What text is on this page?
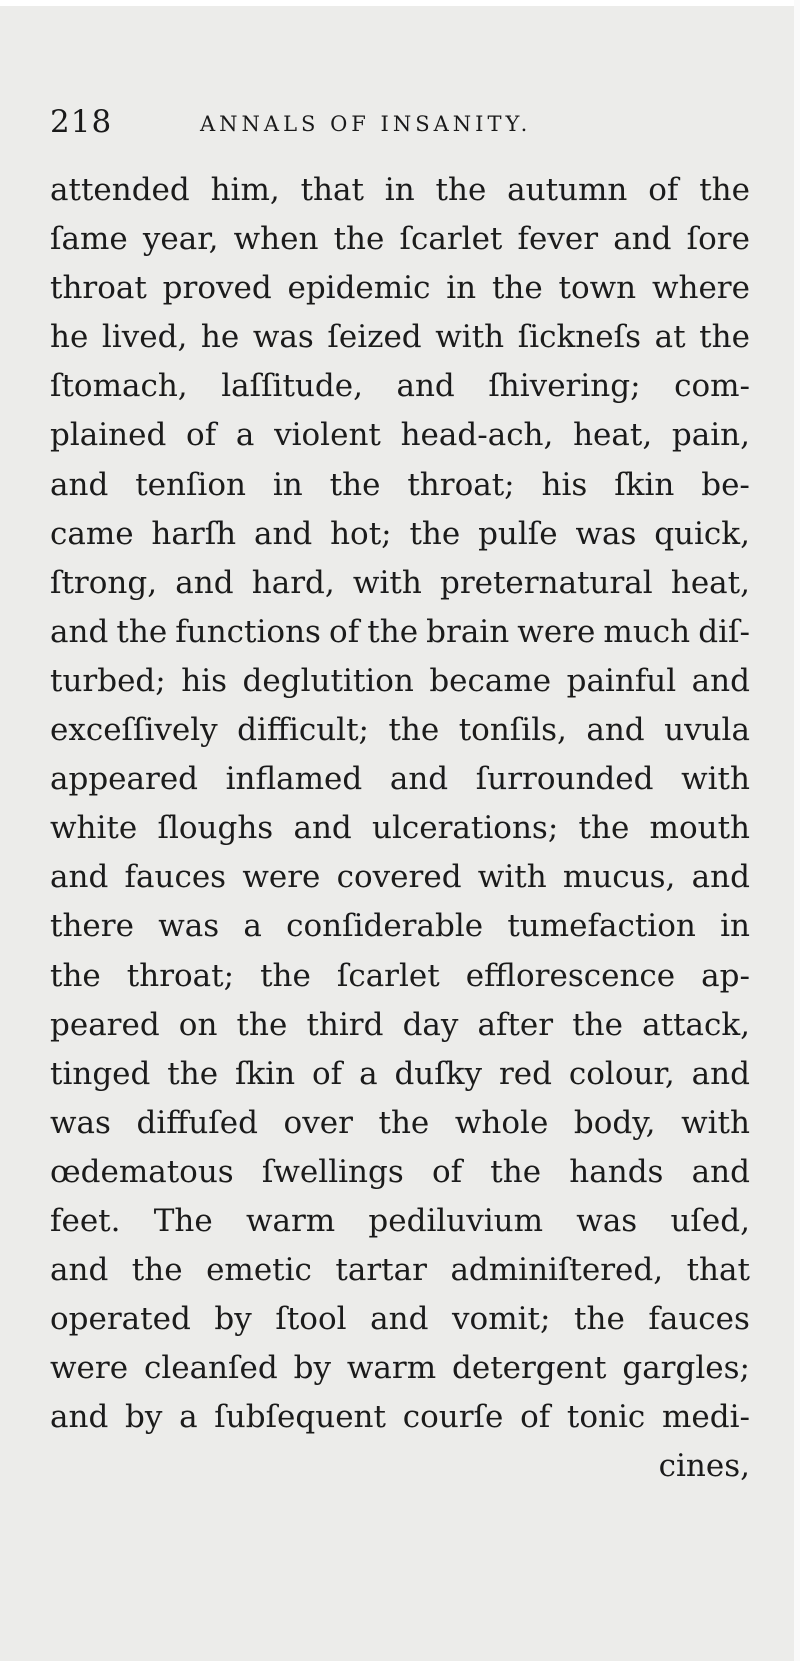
218	ANNALS OF INSANITY.
attended him, that in the autumn of the
ſame year, when the ſcarlet fever and ſore
throat proved epidemic in the town where
he lived, he was ſeized with ſickneſs at the
ſtomach, laſſitude, and ſhivering; com-
plained of a violent head-ach, heat, pain,
and tenſion in the throat; his ſkin be-
came harſh and hot; the pulſe was quick,
ſtrong, and hard, with preternatural heat,
and the functions of the brain were much diſ-
turbed; his deglutition became painful and
exceſſively difficult; the tonſils, and uvula
appeared inflamed and ſurrounded with
white ſloughs and ulcerations; the mouth
and fauces were covered with mucus, and
there was a conſiderable tumefaction in
the throat; the ſcarlet efflorescence ap-
peared on the third day after the attack,
tinged the ſkin of a duſky red colour, and
was diffuſed over the whole body, with
œdematous ſwellings of the hands and
feet. The warm pediluvium was uſed,
and the emetic tartar adminiſtered, that
operated by ſtool and vomit; the fauces
were cleanſed by warm detergent gargles;
and by a ſubſequent courſe of tonic medi-
cines,
